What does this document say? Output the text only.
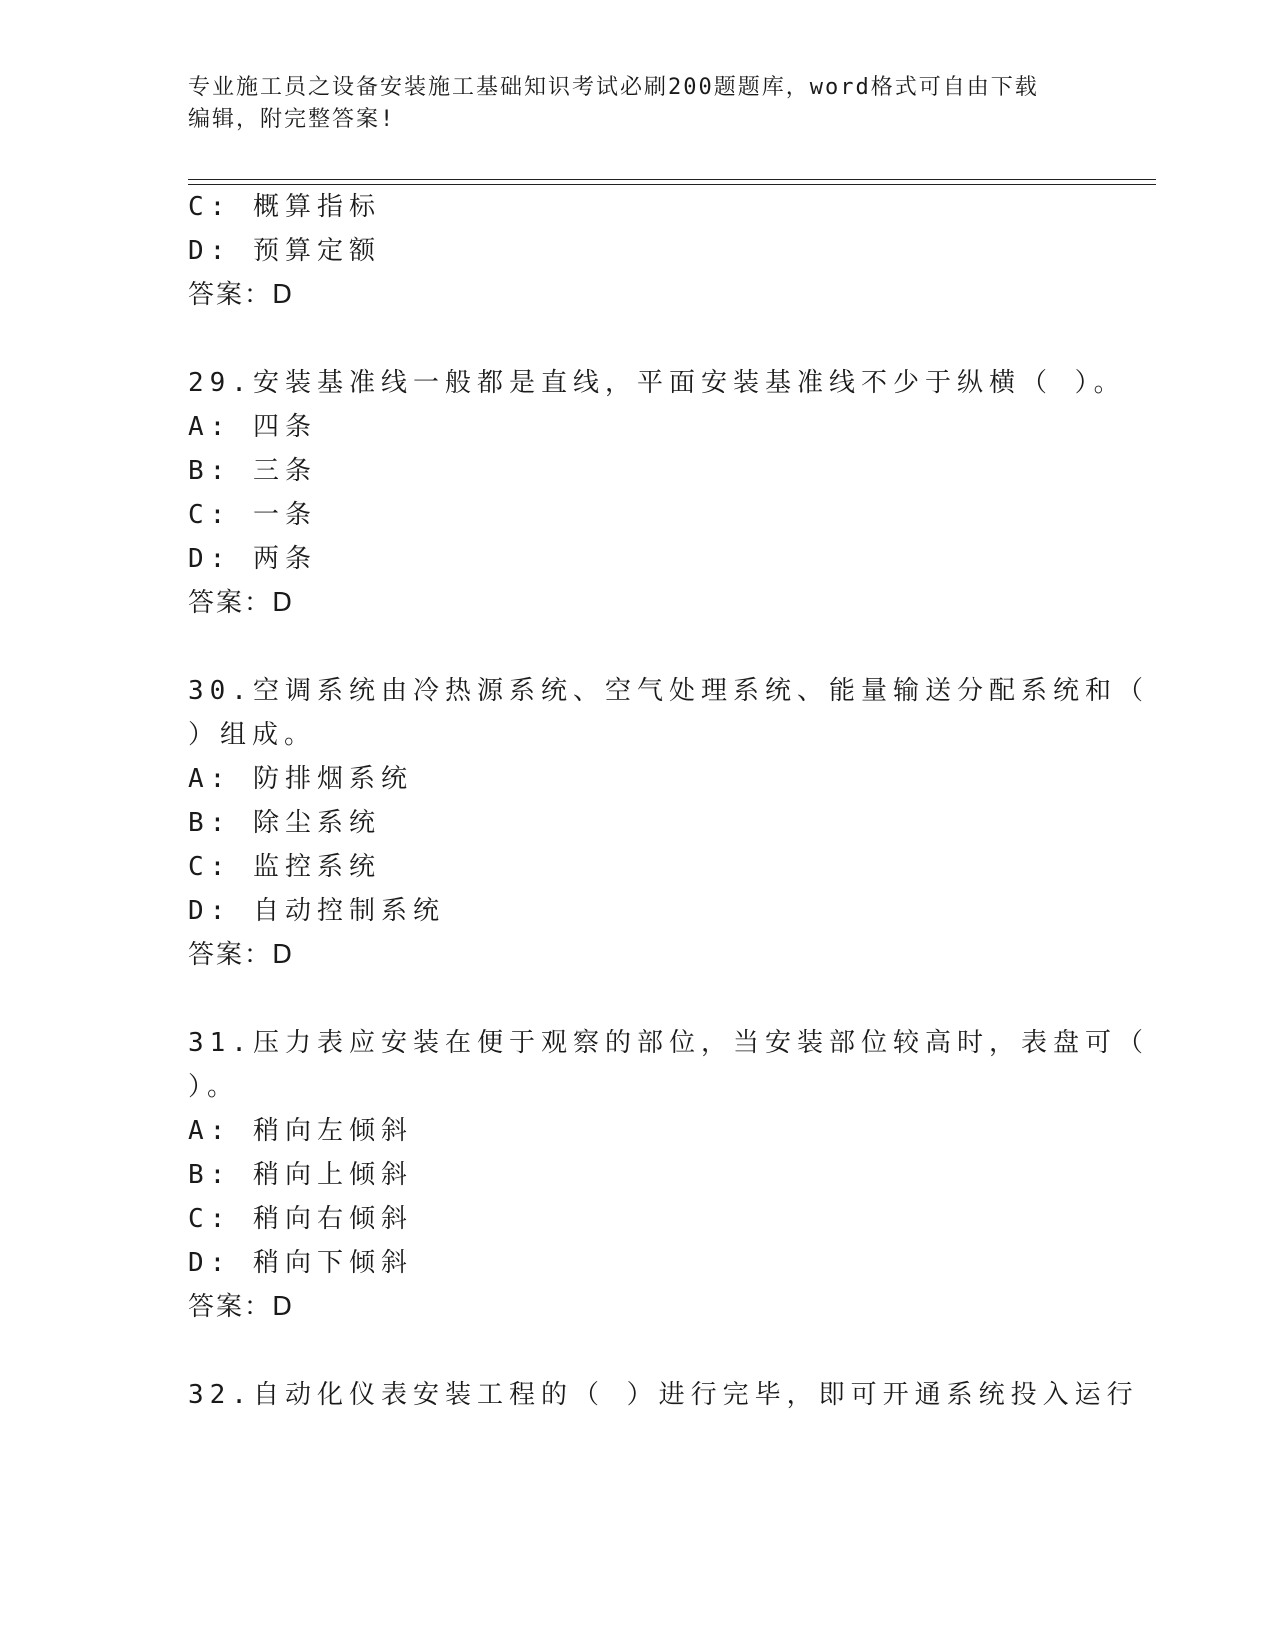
专业施工员之设备安装施工基础知识考试必刷200题题库，word格式可自由下载
编辑，附完整答案!
C: 概算指标
D: 预算定额
答案：D
29.安装基准线一般都是直线，平面安装基准线不少于纵横（ ）。
A: 四条
B: 三条
C: 一条
D: 两条
答案：D
30.空调系统由冷热源系统、空气处理系统、能量输送分配系统和（
）组成。
A: 防排烟系统
B: 除尘系统
C: 监控系统
D: 自动控制系统
答案：D
31.压力表应安装在便于观察的部位，当安装部位较高时，表盘可（
）。
A: 稍向左倾斜
B: 稍向上倾斜
C: 稍向右倾斜
D: 稍向下倾斜
答案：D
32.自动化仪表安装工程的（ ）进行完毕，即可开通系统投入运行
